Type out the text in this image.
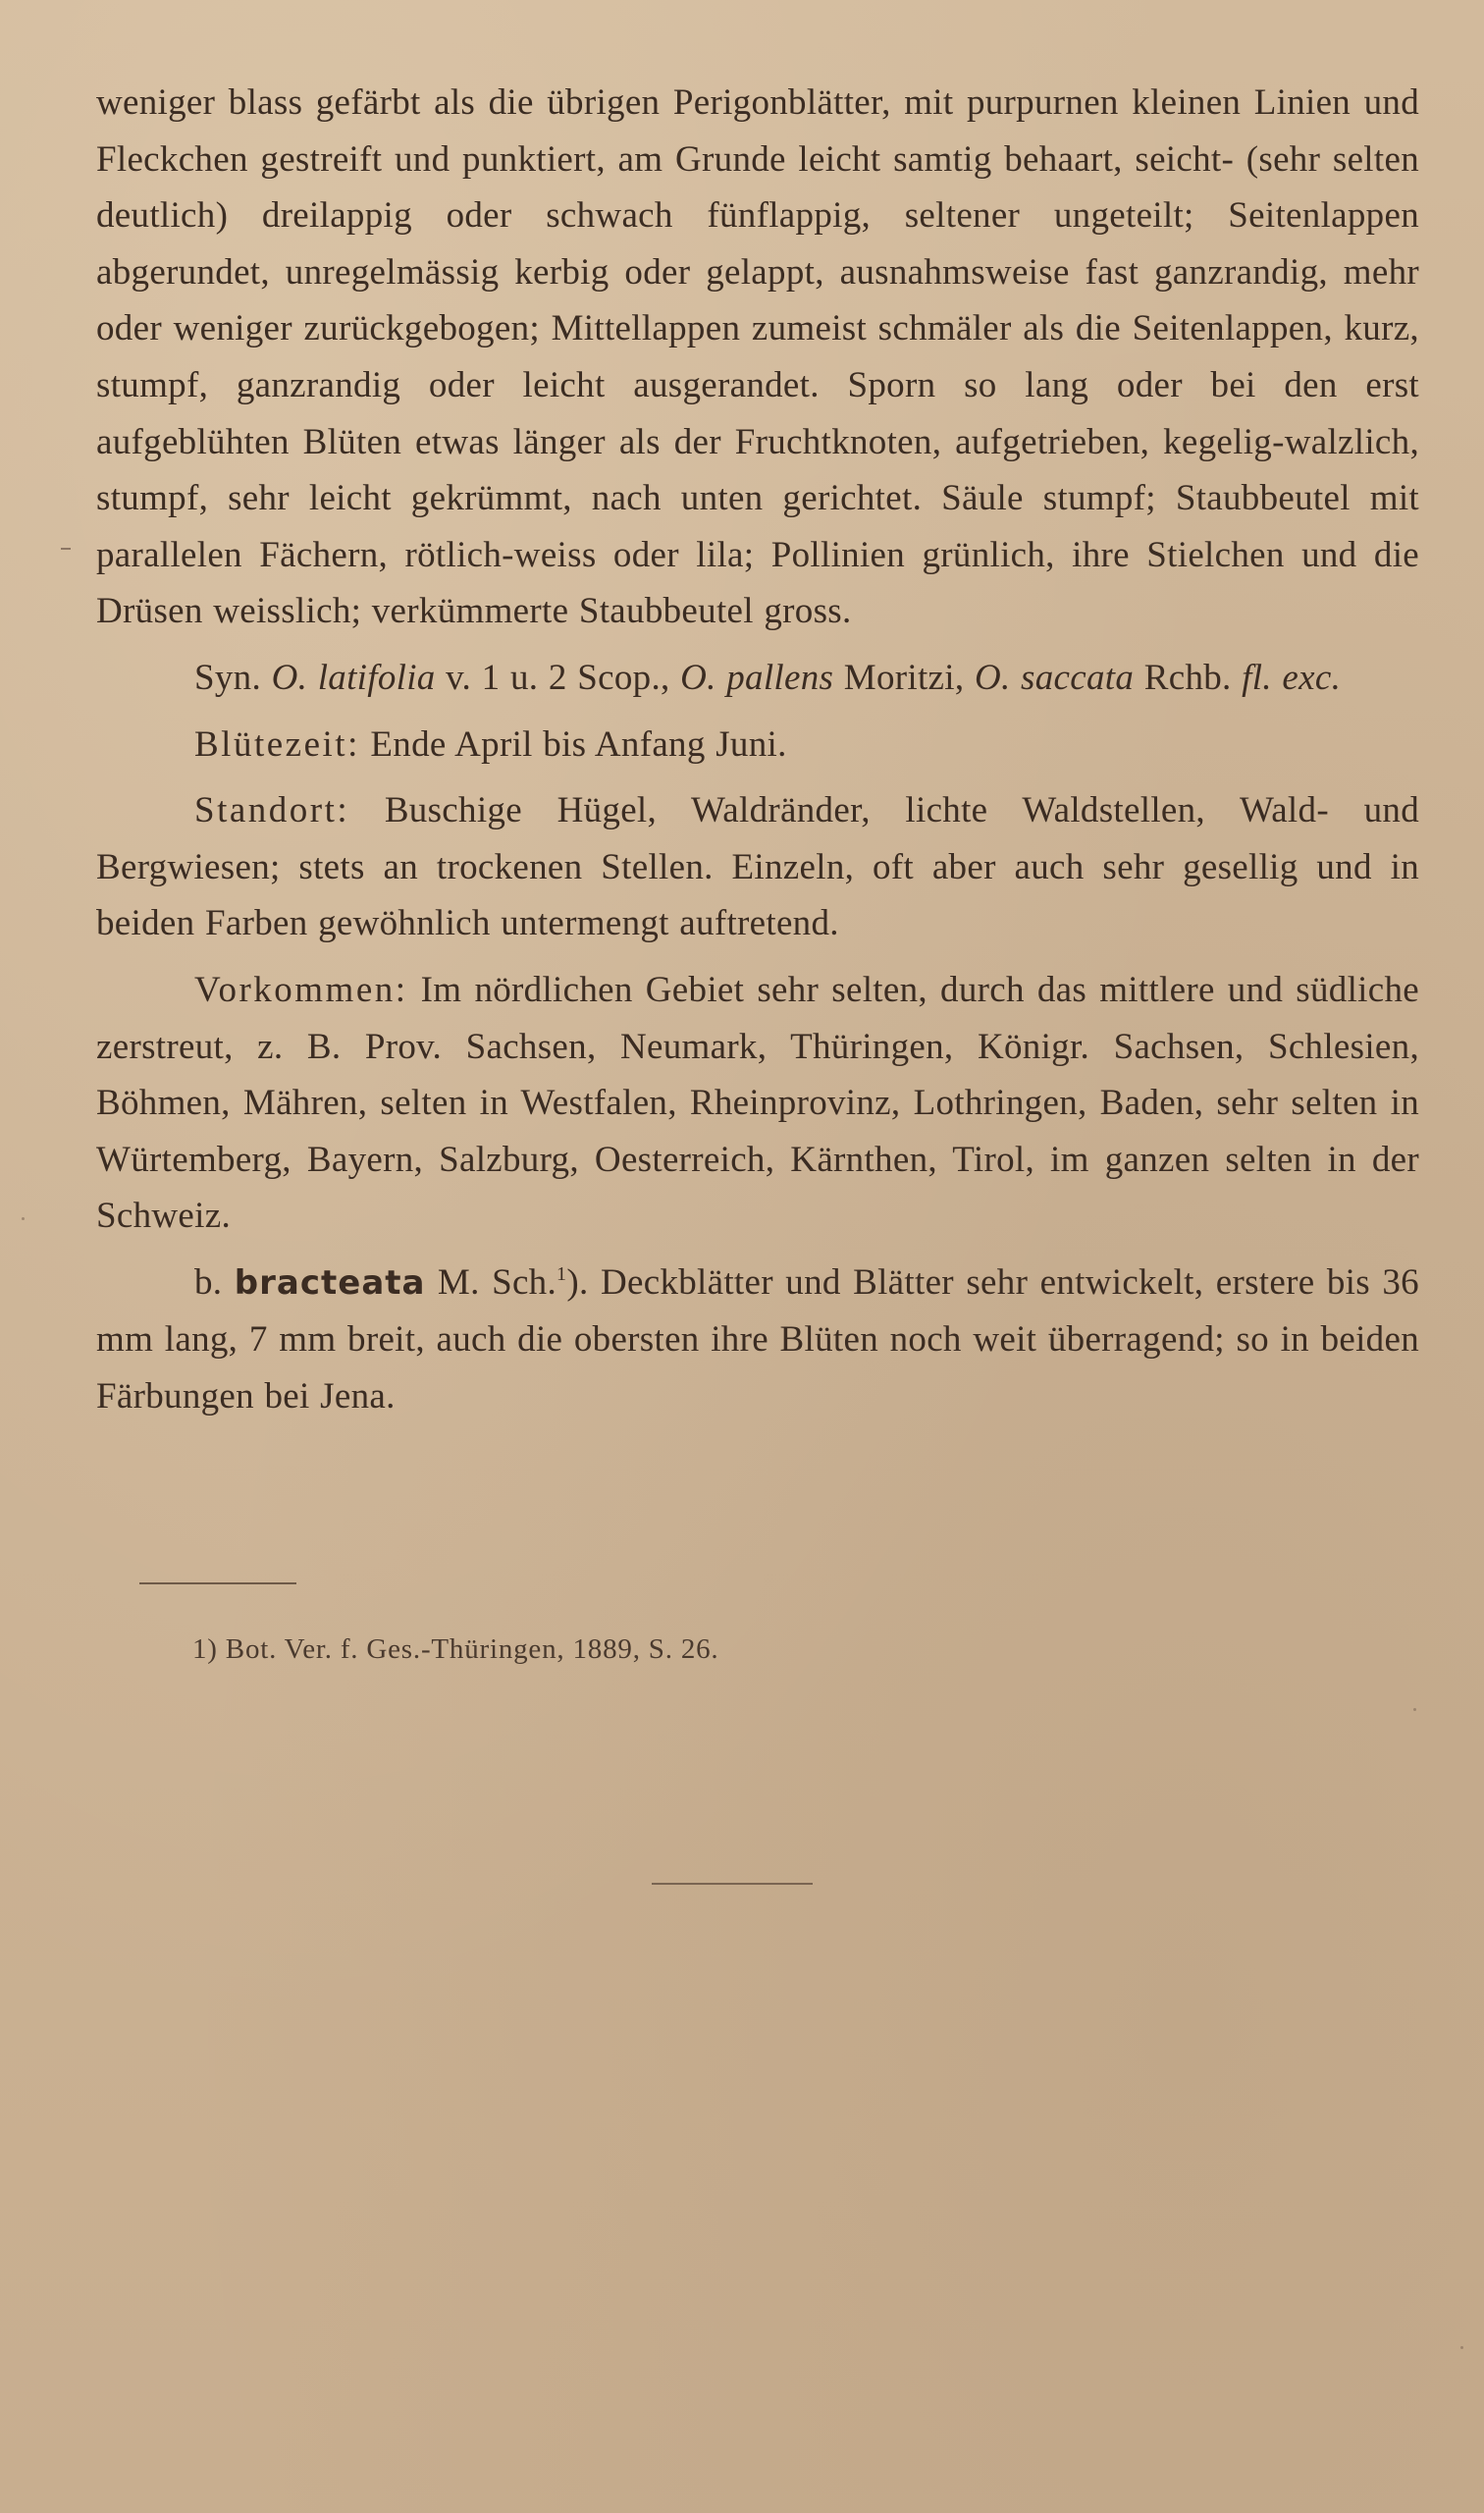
weniger blass gefärbt als die übrigen Perigonblätter, mit purpurnen kleinen Linien und Fleckchen gestreift und punktiert, am Grunde leicht samtig behaart, seicht- (sehr selten deutlich) dreilappig oder schwach fünflappig, seltener ungeteilt; Seitenlappen abgerundet, unregelmässig kerbig oder gelappt, ausnahmsweise fast ganzrandig, mehr oder weniger zurückgebogen; Mittellappen zumeist schmäler als die Seitenlappen, kurz, stumpf, ganzrandig oder leicht ausgerandet. Sporn so lang oder bei den erst aufgeblühten Blüten etwas länger als der Fruchtknoten, aufgetrieben, kegelig-walzlich, stumpf, sehr leicht gekrümmt, nach unten gerichtet. Säule stumpf; Staubbeutel mit parallelen Fächern, rötlich-weiss oder lila; Pollinien grünlich, ihre Stielchen und die Drüsen weisslich; verkümmerte Staubbeutel gross.

Syn. O. latifolia v. 1 u. 2 Scop., O. pallens Moritzi, O. saccata Rchb. fl. exc.

Blütezeit: Ende April bis Anfang Juni.

Standort: Buschige Hügel, Waldränder, lichte Waldstellen, Wald- und Bergwiesen; stets an trockenen Stellen. Einzeln, oft aber auch sehr gesellig und in beiden Farben gewöhnlich untermengt auftretend.

Vorkommen: Im nördlichen Gebiet sehr selten, durch das mittlere und südliche zerstreut, z. B. Prov. Sachsen, Neumark, Thüringen, Königr. Sachsen, Schlesien, Böhmen, Mähren, selten in Westfalen, Rheinprovinz, Lothringen, Baden, sehr selten in Würtemberg, Bayern, Salzburg, Oesterreich, Kärnthen, Tirol, im ganzen selten in der Schweiz.

b. bracteata M. Sch.$^1$). Deckblätter und Blätter sehr entwickelt, erstere bis 36 mm lang, 7 mm breit, auch die obersten ihre Blüten noch weit überragend; so in beiden Färbungen bei Jena.

1) Bot. Ver. f. Ges.-Thüringen, 1889, S. 26.
